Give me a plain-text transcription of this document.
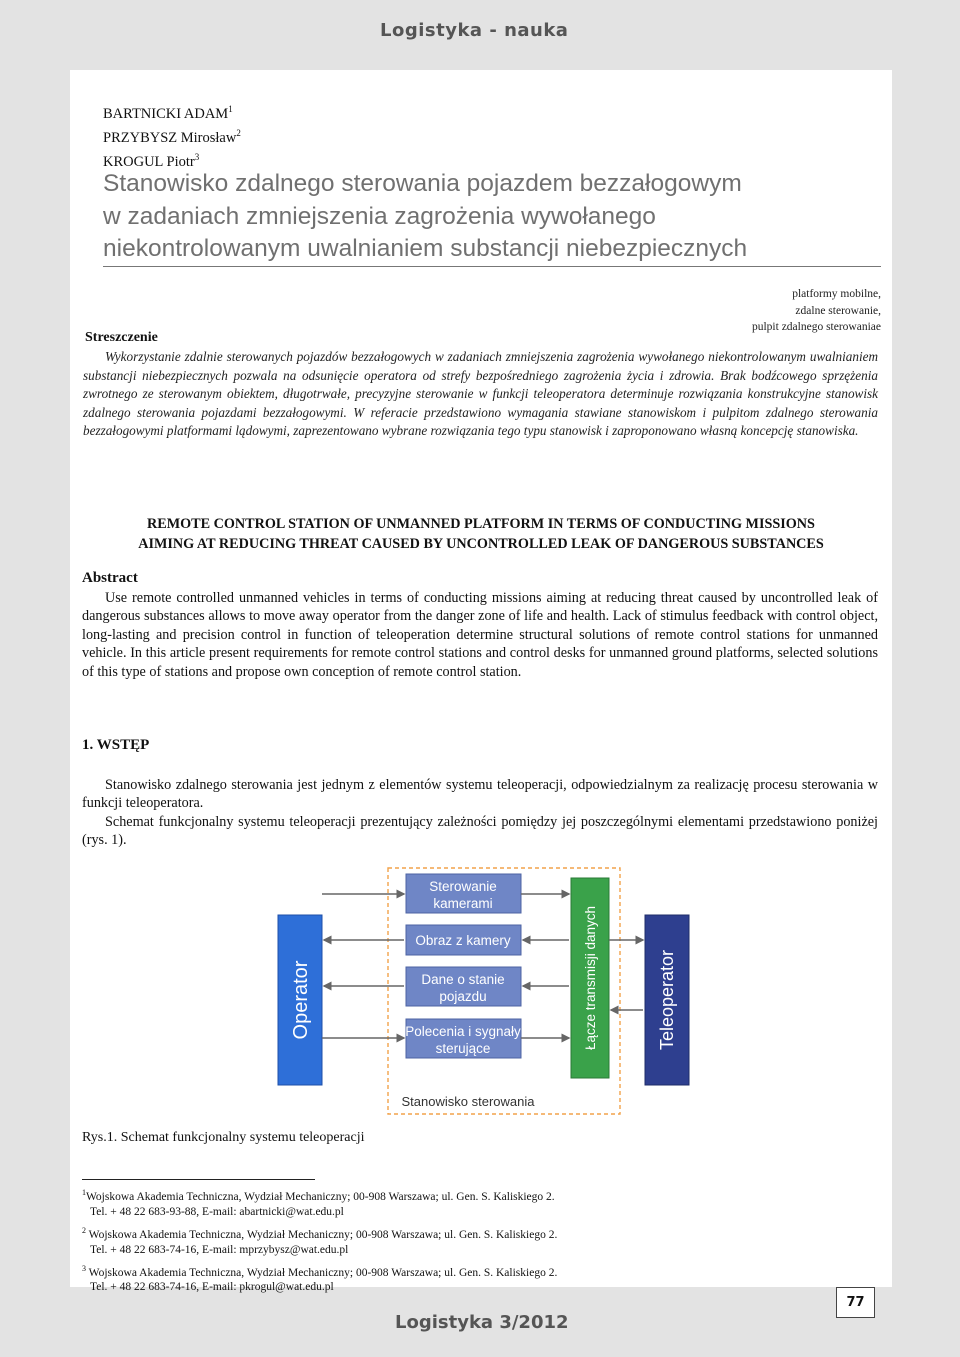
Logistyka - nauka
BARTNICKI ADAM$^1$
PRZYBYSZ Mirosław$^2$
KROGUL Piotr$^3$
Stanowisko zdalnego sterowania pojazdem bezzałogowym
w zadaniach zmniejszenia zagrożenia wywołanego
niekontrolowanym uwalnianiem substancji niebezpiecznych
platformy mobilne,
zdalne sterowanie,
pulpit zdalnego sterowaniae
Streszczenie
Wykorzystanie zdalnie sterowanych pojazdów bezzałogowych w zadaniach zmniejszenia zagrożenia wywołanego niekontrolowanym uwalnianiem substancji niebezpiecznych pozwala na odsunięcie operatora od strefy bezpośredniego zagrożenia życia i zdrowia. Brak bodźcowego sprzężenia zwrotnego ze sterowanym obiektem, długotrwałe, precyzyjne sterowanie w funkcji teleoperatora determinuje rozwiązania konstrukcyjne stanowisk zdalnego sterowania pojazdami bezzałogowymi. W referacie przedstawiono wymagania stawiane stanowiskom i pulpitom zdalnego sterowania bezzałogowymi platformami lądowymi, zaprezentowano wybrane rozwiązania tego typu stanowisk i zaproponowano własną koncepcję stanowiska.
REMOTE CONTROL STATION OF UNMANNED PLATFORM IN TERMS OF CONDUCTING MISSIONS
AIMING AT REDUCING THREAT CAUSED BY UNCONTROLLED LEAK OF DANGEROUS SUBSTANCES
Abstract
Use remote controlled unmanned vehicles in terms of conducting missions aiming at reducing threat caused by uncontrolled leak of dangerous substances allows to move away operator from the danger zone of life and health. Lack of stimulus feedback with control object, long-lasting and precision control in function of teleoperation determine structural solutions of remote control stations for unmanned vehicle. In this article present requirements for remote control stations and control desks for unmanned ground platforms, selected solutions of this type of stations and propose own conception of remote control station.
1. WSTĘP
Stanowisko zdalnego sterowania jest jednym z elementów systemu teleoperacji, odpowiedzialnym za realizację procesu sterowania w funkcji teleoperatora.
Schemat funkcjonalny systemu teleoperacji prezentujący zależności pomiędzy jej poszczególnymi elementami przedstawiono poniżej (rys. 1).
Operator
Sterowanie kamerami
Obraz z kamery
Dane o stanie pojazdu
Polecenia i sygnały sterujące
Stanowisko sterowania
Łącze transmisji danych	Teleoperator
Rys.1. Schemat funkcjonalny systemu teleoperacji
$^1$Wojskowa Akademia Techniczna, Wydział Mechaniczny; 00-908 Warszawa; ul. Gen. S. Kaliskiego 2.
Tel. + 48 22 683-93-88, E-mail: abartnicki@wat.edu.pl
$^2$ Wojskowa Akademia Techniczna, Wydział Mechaniczny; 00-908 Warszawa; ul. Gen. S. Kaliskiego 2.
Tel. + 48 22 683-74-16, E-mail: mprzybysz@wat.edu.pl
$^3$ Wojskowa Akademia Techniczna, Wydział Mechaniczny; 00-908 Warszawa; ul. Gen. S. Kaliskiego 2.
Tel. + 48 22 683-74-16, E-mail: pkrogul@wat.edu.pl
77
Logistyka 3/2012
